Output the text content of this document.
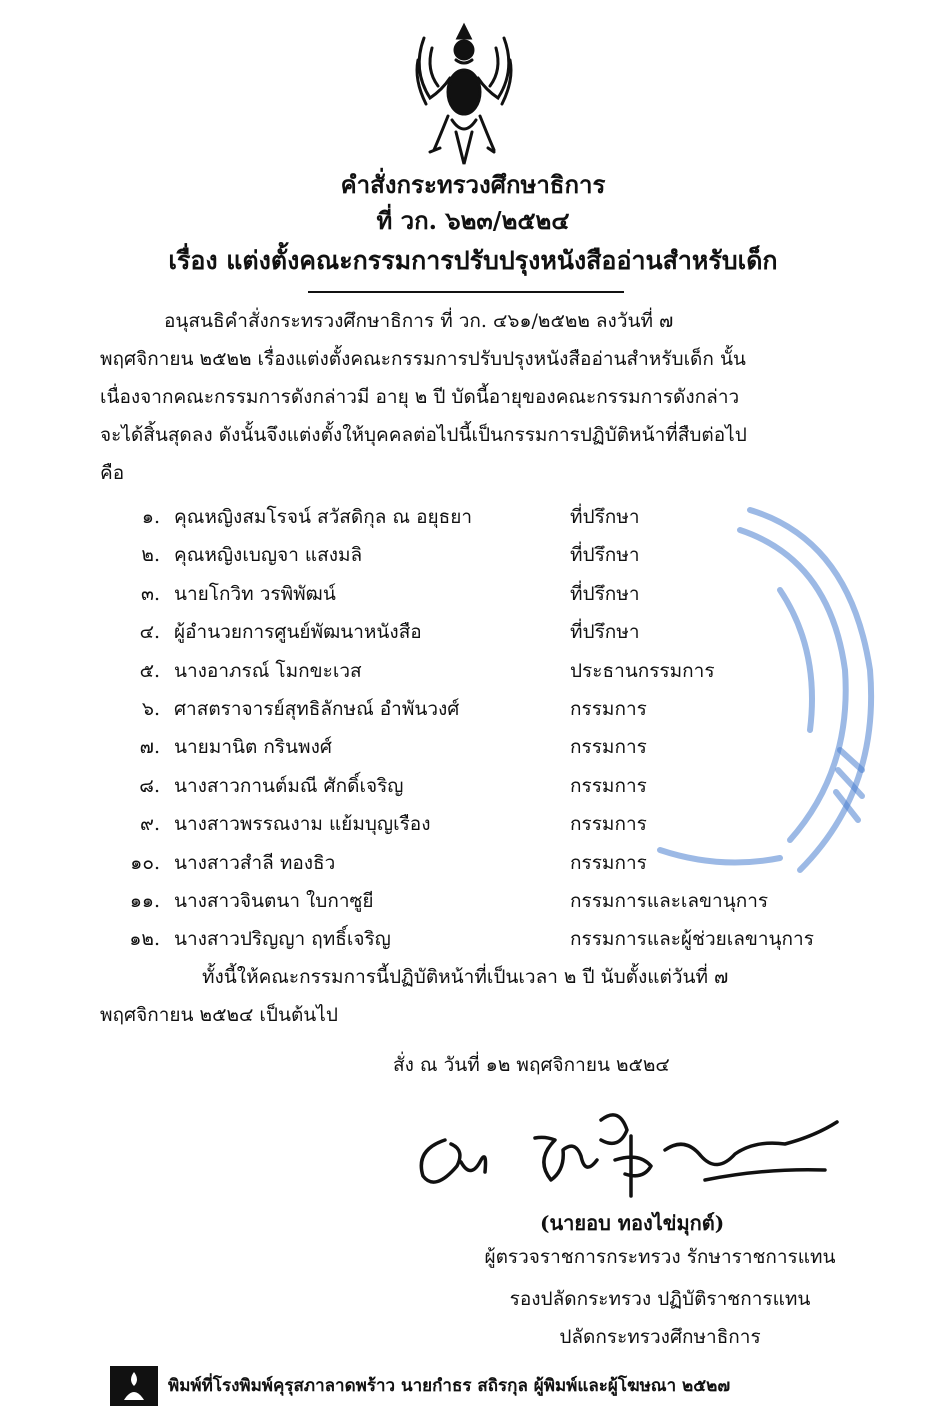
คำสั่งกระทรวงศึกษาธิการ
ที่ วก. ๖๒๓/๒๕๒๔
เรื่อง แต่งตั้งคณะกรรมการปรับปรุงหนังสืออ่านสำหรับเด็ก
อนุสนธิคำสั่งกระทรวงศึกษาธิการ ที่ วก. ๔๖๑/๒๕๒๒ ลงวันที่ ๗
พฤศจิกายน ๒๕๒๒ เรื่องแต่งตั้งคณะกรรมการปรับปรุงหนังสืออ่านสำหรับเด็ก นั้น
เนื่องจากคณะกรรมการดังกล่าวมี อายุ ๒ ปี บัดนี้อายุของคณะกรรมการดังกล่าว
จะได้สิ้นสุดลง ดังนั้นจึงแต่งตั้งให้บุคคลต่อไปนี้เป็นกรรมการปฏิบัติหน้าที่สืบต่อไป
คือ
๑. คุณหญิงสมโรจน์ สวัสดิกุล ณ อยุธยา	ที่ปรึกษา
๒. คุณหญิงเบญจา แสงมลิ	ที่ปรึกษา
๓. นายโกวิท วรพิพัฒน์	ที่ปรึกษา
๔. ผู้อำนวยการศูนย์พัฒนาหนังสือ	ที่ปรึกษา
๕. นางอาภรณ์ โมกขะเวส	ประธานกรรมการ
๖. ศาสตราจารย์สุทธิลักษณ์ อำพันวงศ์	กรรมการ
๗. นายมานิต กรินพงศ์	กรรมการ
๘. นางสาวกานต์มณี ศักดิ์เจริญ	กรรมการ
๙. นางสาวพรรณงาม แย้มบุญเรือง	กรรมการ
๑๐. นางสาวสำลี ทองธิว	กรรมการ
๑๑. นางสาวจินตนา ใบกาซูยี	กรรมการและเลขานุการ
๑๒. นางสาวปริญญา ฤทธิ์เจริญ	กรรมการและผู้ช่วยเลขานุการ
ทั้งนี้ให้คณะกรรมการนี้ปฏิบัติหน้าที่เป็นเวลา ๒ ปี นับตั้งแต่วันที่ ๗
พฤศจิกายน ๒๕๒๔ เป็นต้นไป
สั่ง ณ วันที่ ๑๒ พฤศจิกายน ๒๕๒๔
(นายอบ ทองไข่มุกต์)
ผู้ตรวจราชการกระทรวง รักษาราชการแทน
รองปลัดกระทรวง ปฏิบัติราชการแทน
ปลัดกระทรวงศึกษาธิการ
พิมพ์ที่โรงพิมพ์คุรุสภาลาดพร้าว นายกำธร สถิรกุล ผู้พิมพ์และผู้โฆษณา ๒๕๒๗
